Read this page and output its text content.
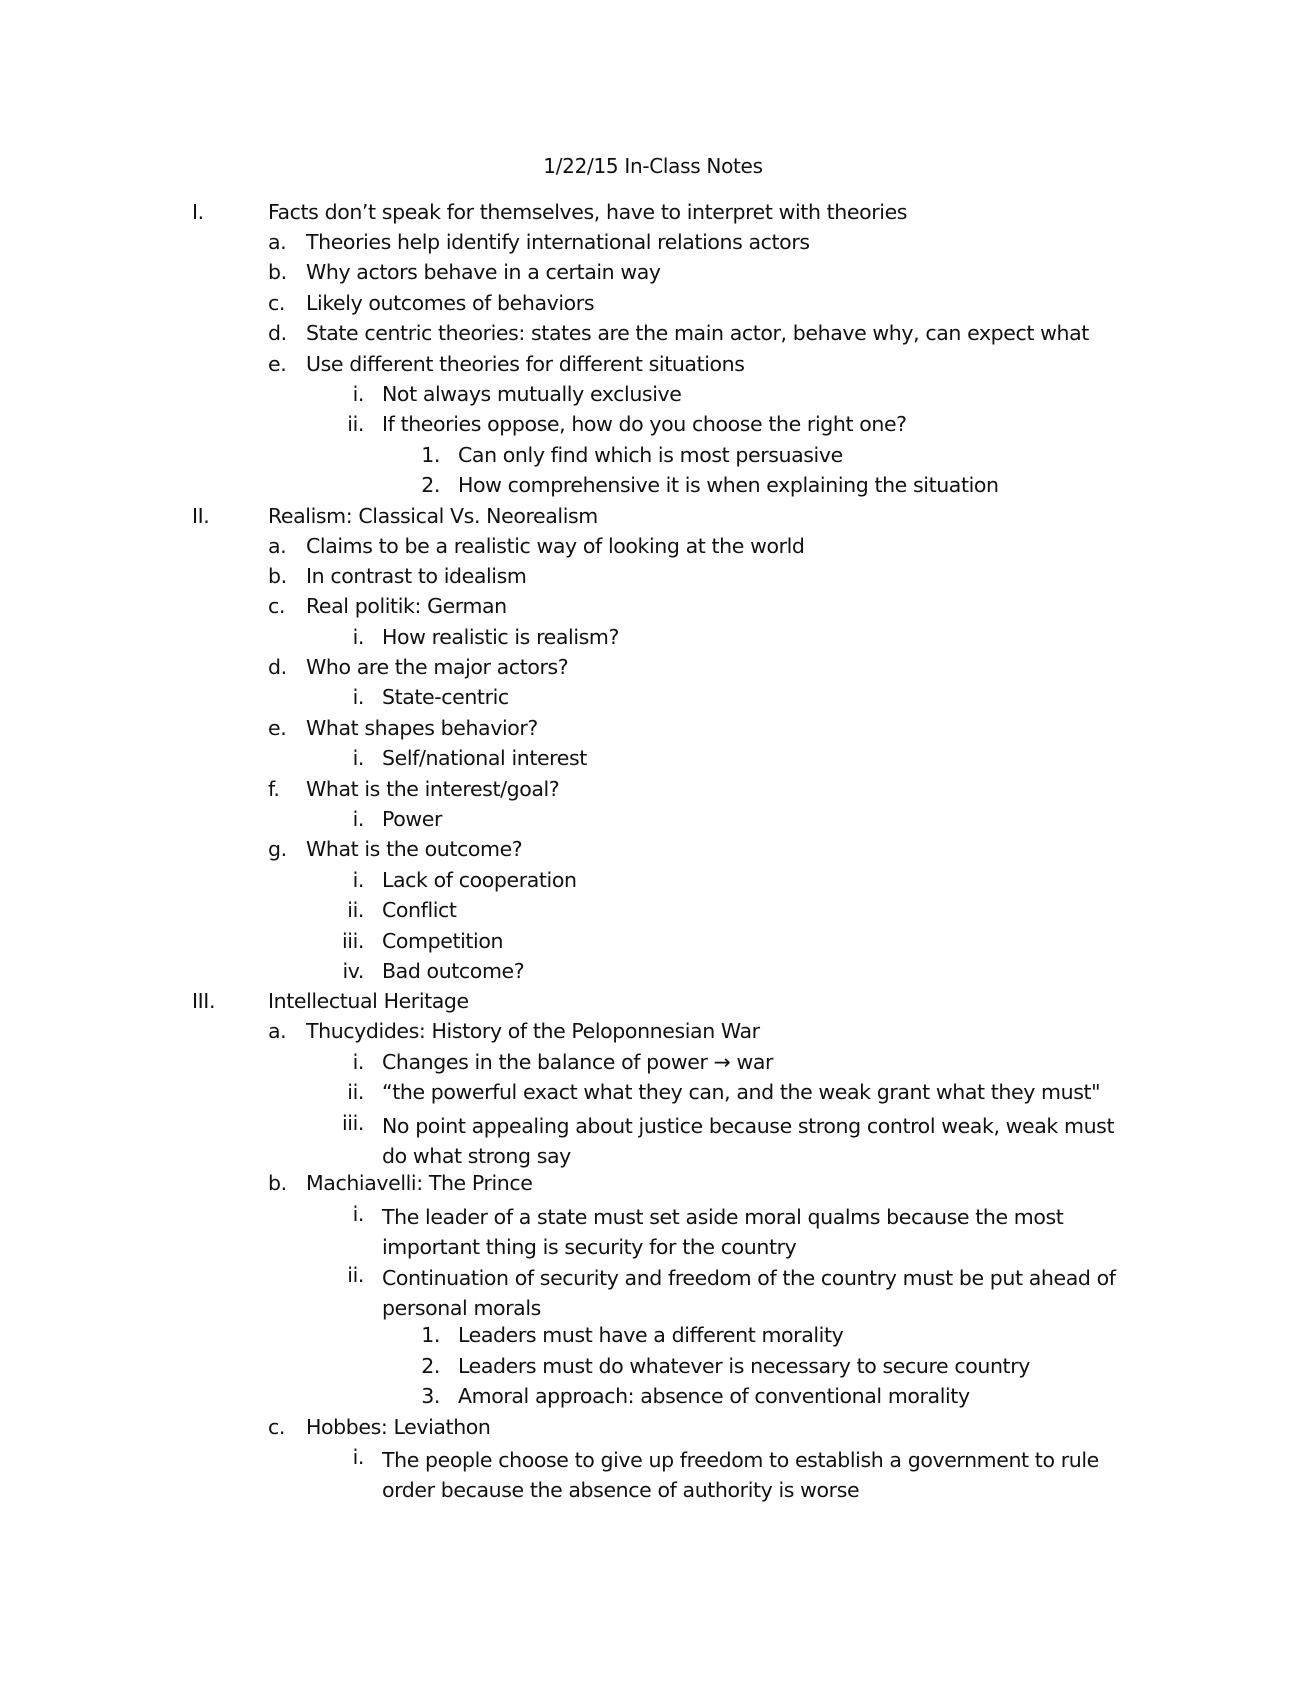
1/22/15 In-Class Notes
I.	Facts don’t speak for themselves, have to interpret with theories
a. Theories help identify international relations actors
b. Why actors behave in a certain way
c. Likely outcomes of behaviors
d. State centric theories: states are the main actor, behave why, can expect what
e. Use different theories for different situations
i. Not always mutually exclusive
ii. If theories oppose, how do you choose the right one?
1. Can only find which is most persuasive
2. How comprehensive it is when explaining the situation
II.	Realism: Classical Vs. Neorealism
a. Claims to be a realistic way of looking at the world
b. In contrast to idealism
c. Real politik: German
i. How realistic is realism?
d. Who are the major actors?
i. State-centric
e. What shapes behavior?
i. Self/national interest
f.	What is the interest/goal?
i. Power
g. What is the outcome?
i. Lack of cooperation
ii. Conflict
iii. Competition
iv. Bad outcome?
III.	Intellectual Heritage
a. Thucydides: History of the Peloponnesian War
i. Changes in the balance of power → war
ii. “the powerful exact what they can, and the weak grant what they must"
iii. No point appealing about justice because strong control weak, weak must do what strong say
b. Machiavelli: The Prince
i. The leader of a state must set aside moral qualms because the most important thing is security for the country
ii. Continuation of security and freedom of the country must be put ahead of personal morals
1. Leaders must have a different morality
2. Leaders must do whatever is necessary to secure country
3. Amoral approach: absence of conventional morality
c. Hobbes: Leviathon
i. The people choose to give up freedom to establish a government to rule order because the absence of authority is worse
